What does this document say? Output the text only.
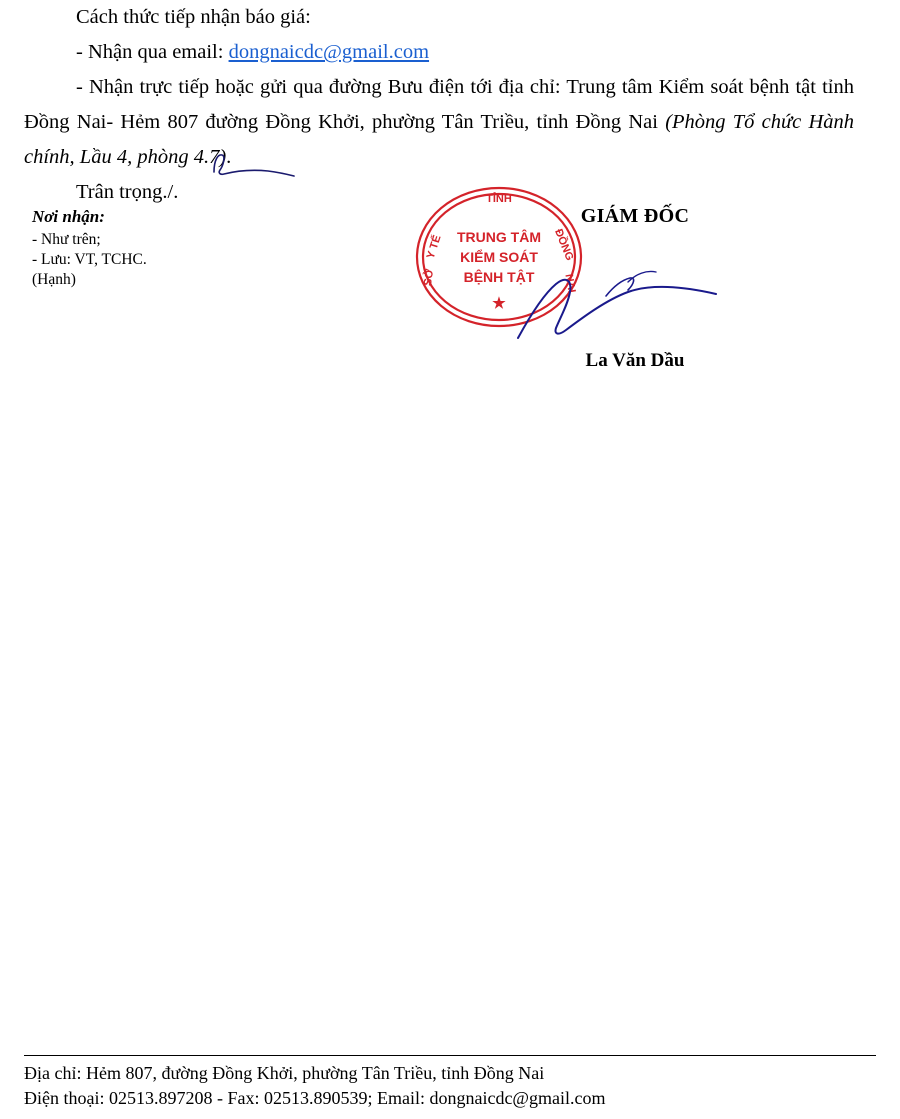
Cách thức tiếp nhận báo giá:

- Nhận qua email: dongnaicdc@gmail.com

- Nhận trực tiếp hoặc gửi qua đường Bưu điện tới địa chỉ: Trung tâm Kiểm soát bệnh tật tỉnh Đồng Nai- Hẻm 807 đường Đồng Khởi, phường Tân Triều, tỉnh Đồng Nai (Phòng Tổ chức Hành chính, Lầu 4, phòng 4.7).

Trân trọng./.

Nơi nhận:

- Như trên;

- Lưu: VT, TCHC.

(Hạnh)

TỈNH
Y TẾ	ĐỒNG
NAI
SỞ
TRUNG TÂM
KIỂM SOÁT
BỆNH TẬT
★
GIÁM ĐỐC
La Văn Dầu

Địa chỉ: Hẻm 807, đường Đồng Khởi, phường Tân Triều, tỉnh Đồng Nai

Điện thoại: 02513.897208 - Fax: 02513.890539; Email: dongnaicdc@gmail.com
